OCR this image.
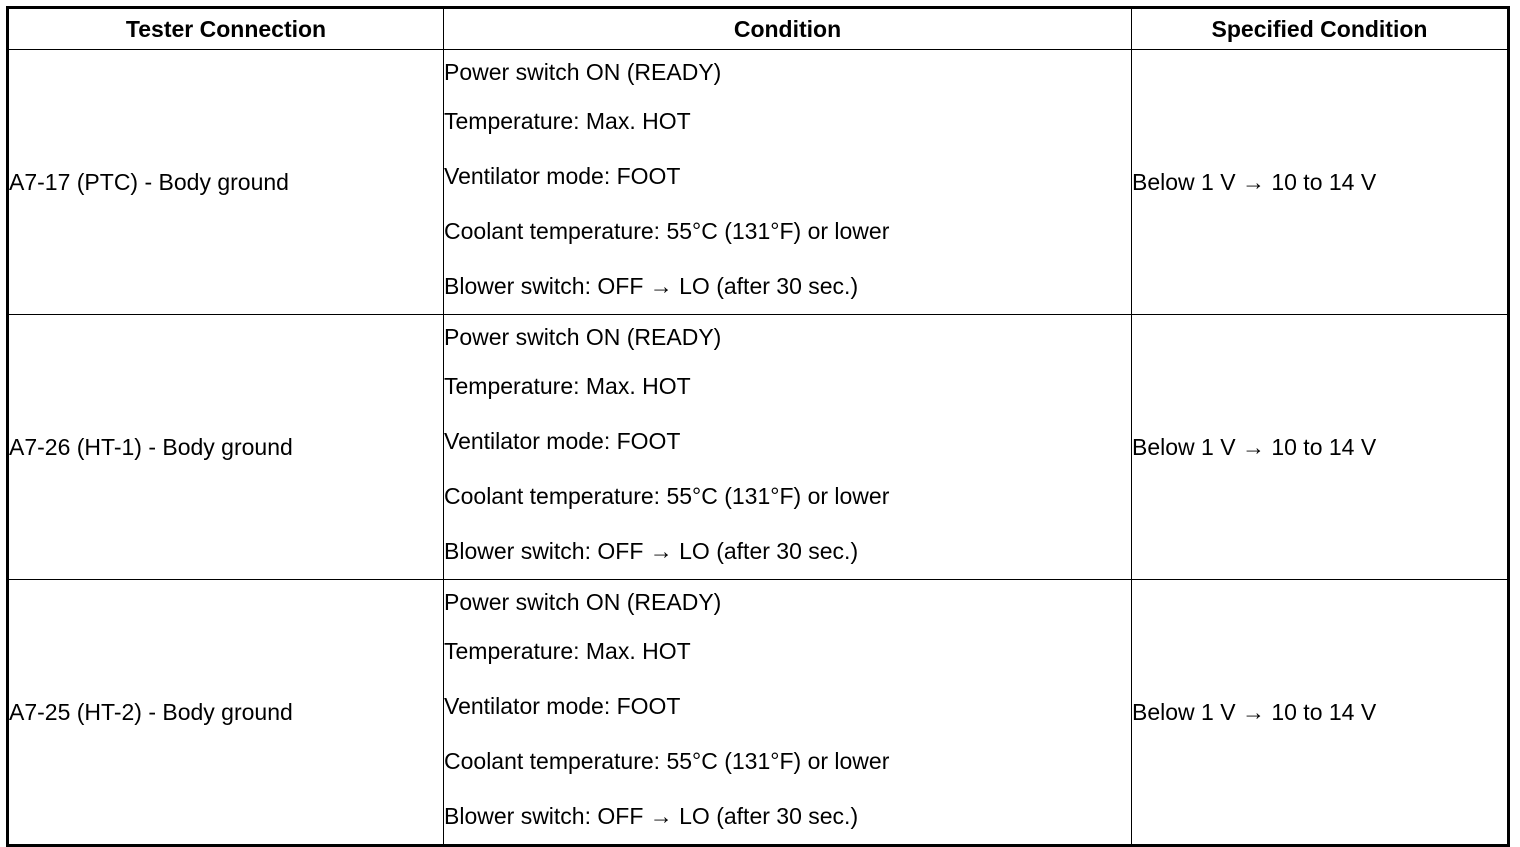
Tester Connection	Condition	Specified Condition
A7-17 (PTC) - Body ground	Power switch ON (READY)
Temperature: Max. HOT
Ventilator mode: FOOT
Coolant temperature: 55°C (131°F) or lower
Blower switch: OFF → LO (after 30 sec.)	Below 1 V → 10 to 14 V
A7-26 (HT-1) - Body ground	Power switch ON (READY)
Temperature: Max. HOT
Ventilator mode: FOOT
Coolant temperature: 55°C (131°F) or lower
Blower switch: OFF → LO (after 30 sec.)	Below 1 V → 10 to 14 V
A7-25 (HT-2) - Body ground	Power switch ON (READY)
Temperature: Max. HOT
Ventilator mode: FOOT
Coolant temperature: 55°C (131°F) or lower
Blower switch: OFF → LO (after 30 sec.)	Below 1 V → 10 to 14 V
